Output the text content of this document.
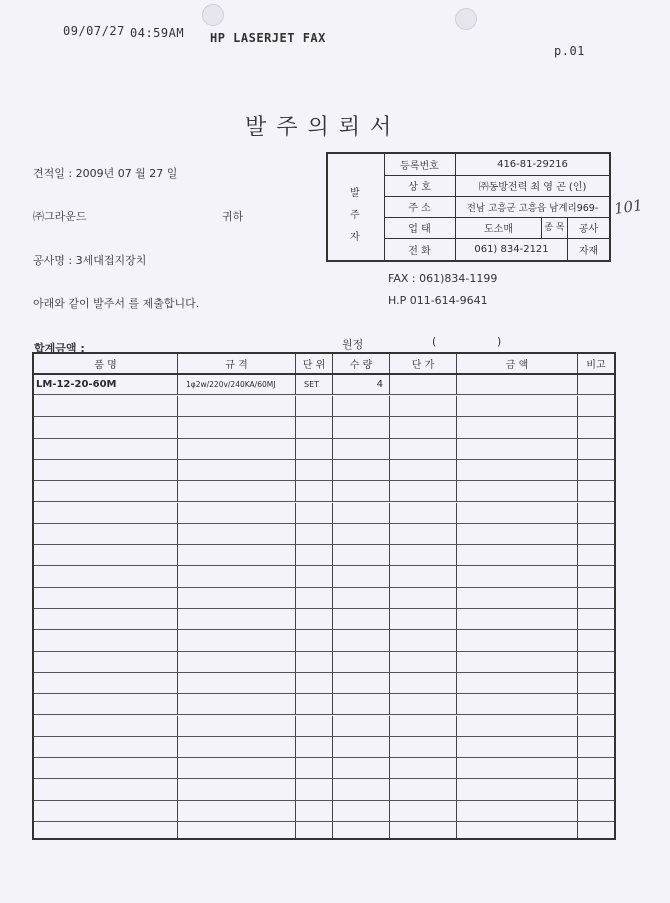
09/07/27 04:59AM HP LASERJET FAX
p.01
발주의뢰서
견적일 : 2009년 07 월 27 일
㈜그라운드	귀하
공사명 : 3세대접지장치
아래와 같이 발주서 를 제출합니다.
발
주
자
등록번호	416-81-29216
상 호	㈜동방전력 최 영 곤 (인)
주 소	전남 고흥군 고흥읍 남계리969-
업 태	도소매	종 목	공사
전 화	061) 834-2121	자재
101
FAX : 061)834-1199
H.P 011-614-9641
합계금액 :	원정	(	)
품 명	규 격	단 위	수 량	단 가	금 액	비고
LM-12-20-60M	1φ2w/220v/240KA/60MJ	SET	4
